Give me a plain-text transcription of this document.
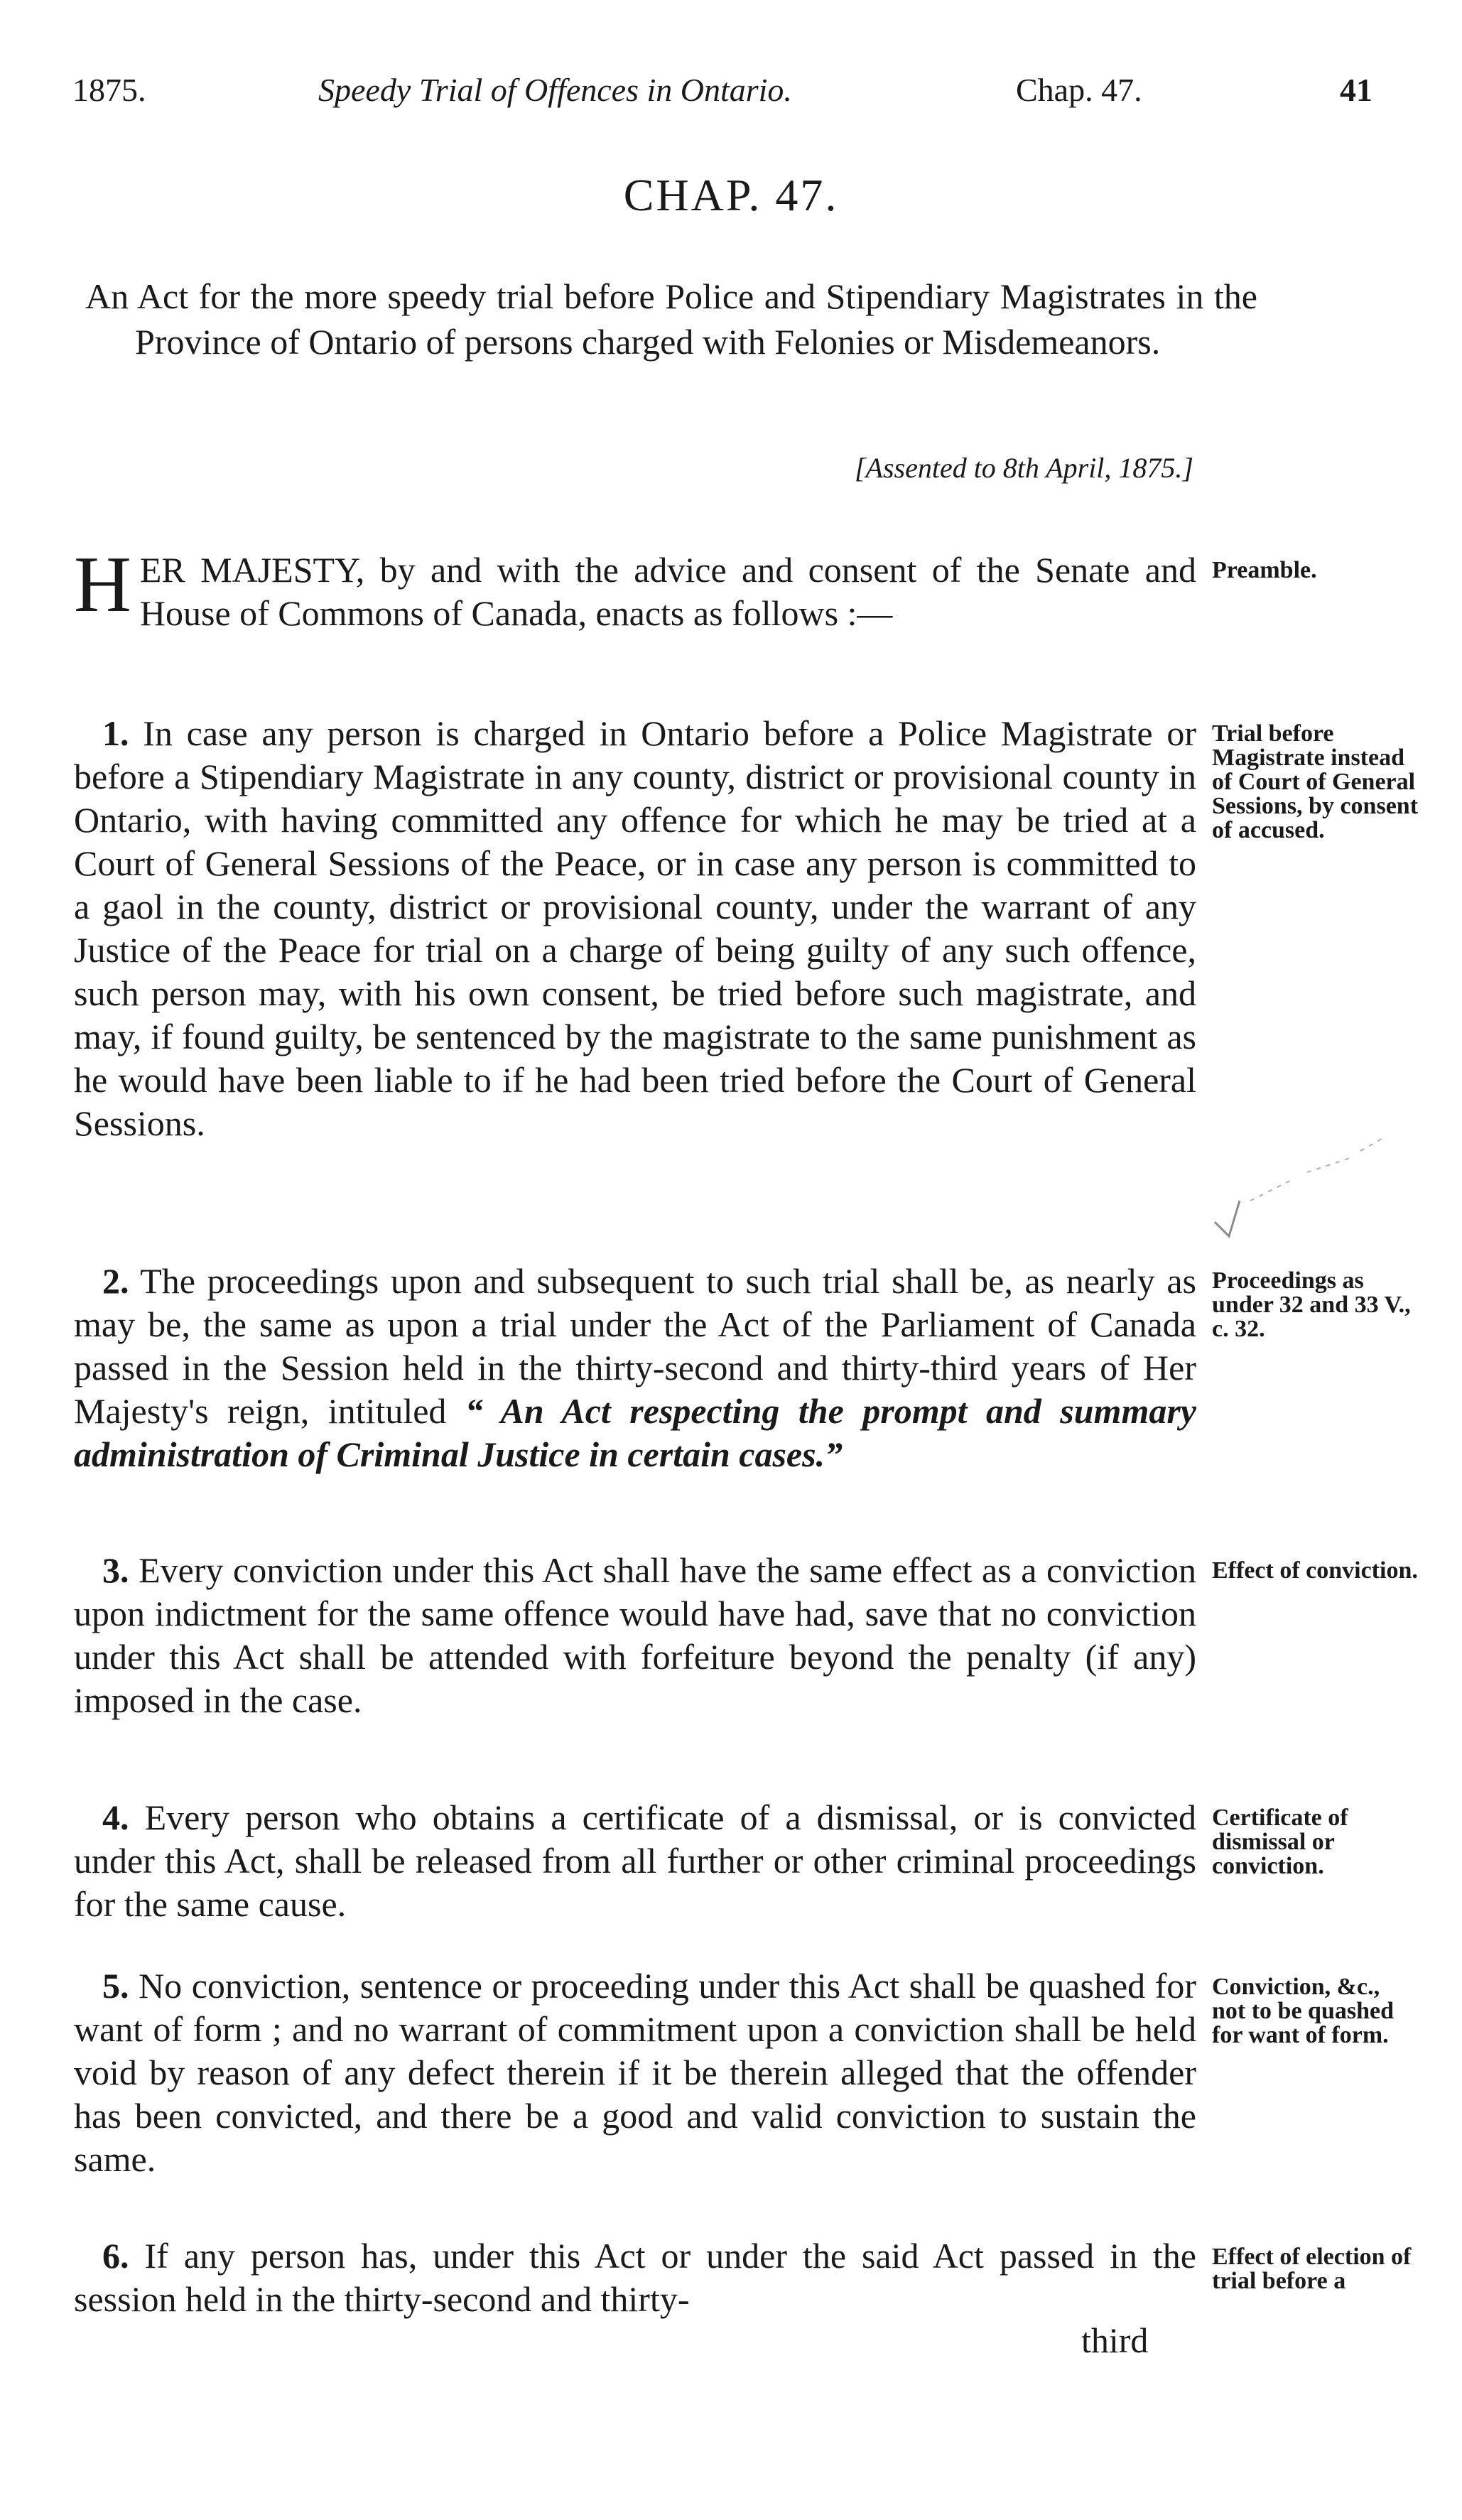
1875.	Speedy Trial of Offences in Ontario.	Chap. 47.	41
CHAP. 47.
An Act for the more speedy trial before Police and Stipendiary Magistrates in the Province of Ontario of persons charged with Felonies or Misdemeanors.
[Assented to 8th April, 1875.]

HER MAJESTY, by and with the advice and consent of the Senate and House of Commons of Canada, enacts as follows :—

Preamble.

1. In case any person is charged in Ontario before a Police Magistrate or before a Stipendiary Magistrate in any county, district or provisional county in Ontario, with having committed any offence for which he may be tried at a Court of General Sessions of the Peace, or in case any person is committed to a gaol in the county, district or provisional county, under the warrant of any Justice of the Peace for trial on a charge of being guilty of any such offence, such person may, with his own consent, be tried before such magistrate, and may, if found guilty, be sentenced by the magistrate to the same punishment as he would have been liable to if he had been tried before the Court of General Sessions.

Trial before Magistrate instead of Court of General Sessions, by consent of accused.

2. The proceedings upon and subsequent to such trial shall be, as nearly as may be, the same as upon a trial under the Act of the Parliament of Canada passed in the Session held in the thirty-second and thirty-third years of Her Majesty's reign, intituled “ An Act respecting the prompt and summary administration of Criminal Justice in certain cases.”

Proceedings as under 32 and 33 V., c. 32.

3. Every conviction under this Act shall have the same effect as a conviction upon indictment for the same offence would have had, save that no conviction under this Act shall be attended with forfeiture beyond the penalty (if any) imposed in the case.

Effect of conviction.

4. Every person who obtains a certificate of a dismissal, or is convicted under this Act, shall be released from all further or other criminal proceedings for the same cause.

Certificate of dismissal or conviction.

5. No conviction, sentence or proceeding under this Act shall be quashed for want of form ; and no warrant of commitment upon a conviction shall be held void by reason of any defect therein if it be therein alleged that the offender has been convicted, and there be a good and valid conviction to sustain the same.

Conviction, &c., not to be quashed for want of form.

6. If any person has, under this Act or under the said Act passed in the session held in the thirty-second and thirty-

Effect of election of trial before a
third
